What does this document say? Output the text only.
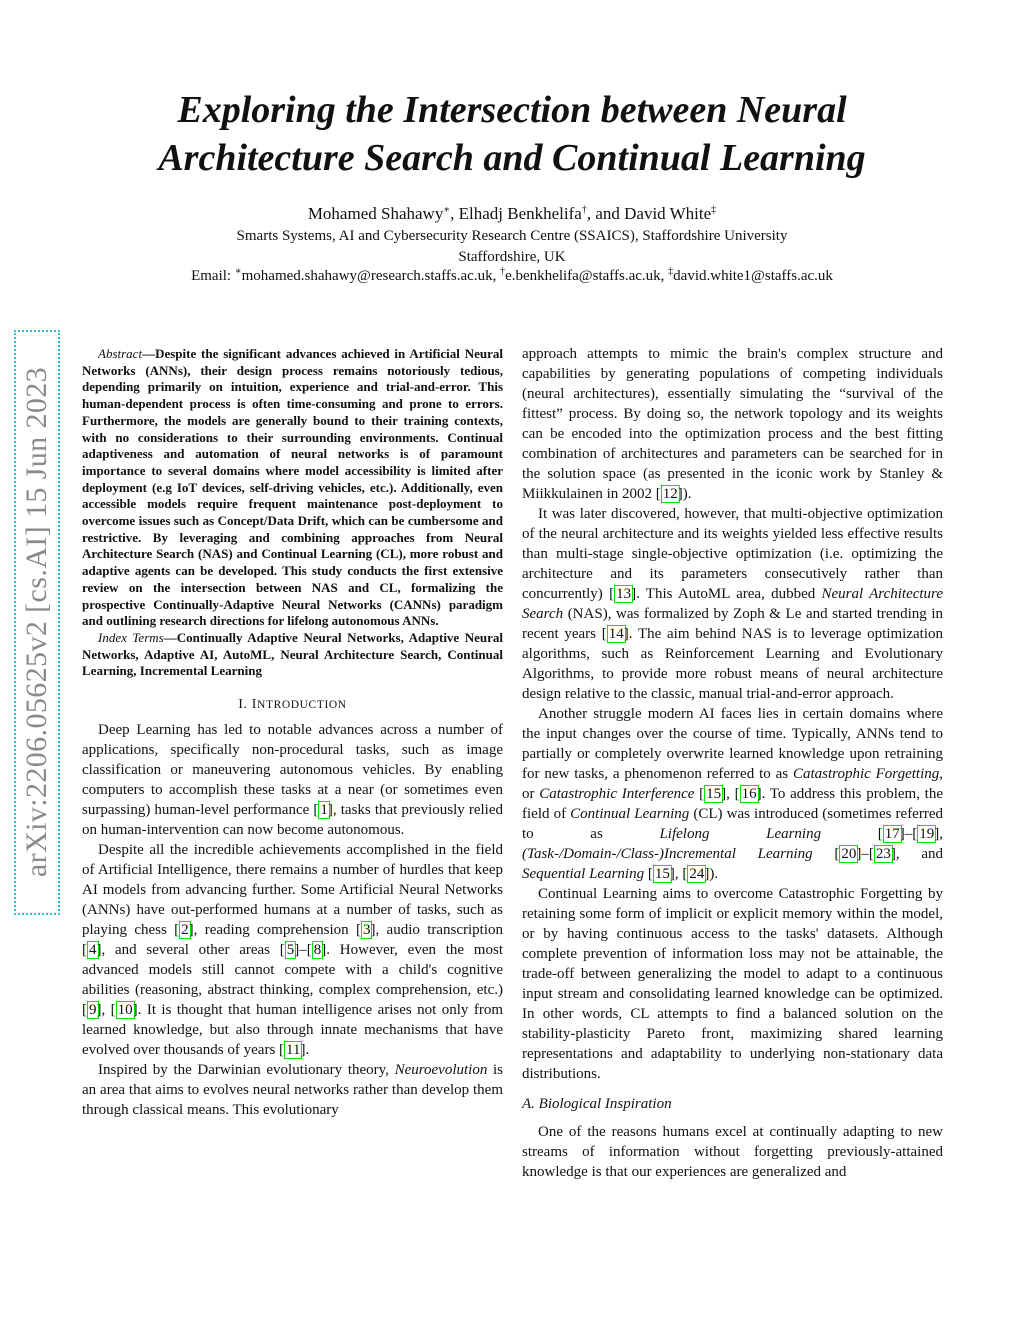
Exploring the Intersection between Neural
Architecture Search and Continual Learning
Mohamed Shahawy∗, Elhadj Benkhelifa†, and David White‡
Smarts Systems, AI and Cybersecurity Research Centre (SSAICS), Staffordshire University
Staffordshire, UK
Email: ∗mohamed.shahawy@research.staffs.ac.uk, †e.benkhelifa@staffs.ac.uk, ‡david.white1@staffs.ac.uk
arXiv:2206.05625v2 [cs.AI] 15 Jun 2023

Abstract—Despite the significant advances achieved in Artificial Neural Networks (ANNs), their design process remains notoriously tedious, depending primarily on intuition, experience and trial-and-error. This human-dependent process is often time-consuming and prone to errors. Furthermore, the models are generally bound to their training contexts, with no considerations to their surrounding environments. Continual adaptiveness and automation of neural networks is of paramount importance to several domains where model accessibility is limited after deployment (e.g IoT devices, self-driving vehicles, etc.). Additionally, even accessible models require frequent maintenance post-deployment to overcome issues such as Concept/Data Drift, which can be cumbersome and restrictive. By leveraging and combining approaches from Neural Architecture Search (NAS) and Continual Learning (CL), more robust and adaptive agents can be developed. This study conducts the first extensive review on the intersection between NAS and CL, formalizing the prospective Continually-Adaptive Neural Networks (CANNs) paradigm and outlining research directions for lifelong autonomous ANNs.

Index Terms—Continually Adaptive Neural Networks, Adaptive Neural Networks, Adaptive AI, AutoML, Neural Architecture Search, Continual Learning, Incremental Learning

I. INTRODUCTION

Deep Learning has led to notable advances across a number of applications, specifically non-procedural tasks, such as image classification or maneuvering autonomous vehicles. By enabling computers to accomplish these tasks at a near (or sometimes even surpassing) human-level performance [ 1], tasks that previously relied on human-intervention can now become autonomous.

Despite all the incredible achievements accomplished in the field of Artificial Intelligence, there remains a number of hurdles that keep AI models from advancing further. Some Artificial Neural Networks (ANNs) have out-performed humans at a number of tasks, such as playing chess [ 2], reading comprehension [ 3], audio transcription [ 4], and several other areas [ 5]–[ 8]. However, even the most advanced models still cannot compete with a child's cognitive abilities (reasoning, abstract thinking, complex comprehension, etc.) [ 9], [ 10]. It is thought that human intelligence arises not only from learned knowledge, but also through innate mechanisms that have evolved over thousands of years [ 11].

Inspired by the Darwinian evolutionary theory, Neuroevolution is an area that aims to evolves neural networks rather than develop them through classical means. This evolutionary

approach attempts to mimic the brain's complex structure and capabilities by generating populations of competing individuals (neural architectures), essentially simulating the “survival of the fittest” process. By doing so, the network topology and its weights can be encoded into the optimization process and the best fitting combination of architectures and parameters can be searched for in the solution space (as presented in the iconic work by Stanley & Miikkulainen in 2002 [ 12]).

It was later discovered, however, that multi-objective optimization of the neural architecture and its weights yielded less effective results than multi-stage single-objective optimization (i.e. optimizing the architecture and its parameters consecutively rather than concurrently) [ 13]. This AutoML area, dubbed Neural Architecture Search (NAS), was formalized by Zoph & Le and started trending in recent years [ 14]. The aim behind NAS is to leverage optimization algorithms, such as Reinforcement Learning and Evolutionary Algorithms, to provide more robust means of neural architecture design relative to the classic, manual trial-and-error approach.

Another struggle modern AI faces lies in certain domains where the input changes over the course of time. Typically, ANNs tend to partially or completely overwrite learned knowledge upon retraining for new tasks, a phenomenon referred to as Catastrophic Forgetting, or Catastrophic Interference [ 15], [ 16]. To address this problem, the field of Continual Learning (CL) was introduced (sometimes referred to as Lifelong Learning [ 17]–[ 19], (Task-/Domain-/Class-)Incremental Learning [ 20]–[ 23], and Sequential Learning [ 15], [ 24]).

Continual Learning aims to overcome Catastrophic Forgetting by retaining some form of implicit or explicit memory within the model, or by having continuous access to the tasks' datasets. Although complete prevention of information loss may not be attainable, the trade-off between generalizing the model to adapt to a continuous input stream and consolidating learned knowledge can be optimized. In other words, CL attempts to find a balanced solution on the stability-plasticity Pareto front, maximizing shared learning representations and adaptability to underlying non-stationary data distributions.

A. Biological Inspiration

One of the reasons humans excel at continually adapting to new streams of information without forgetting previously-attained knowledge is that our experiences are generalized and
